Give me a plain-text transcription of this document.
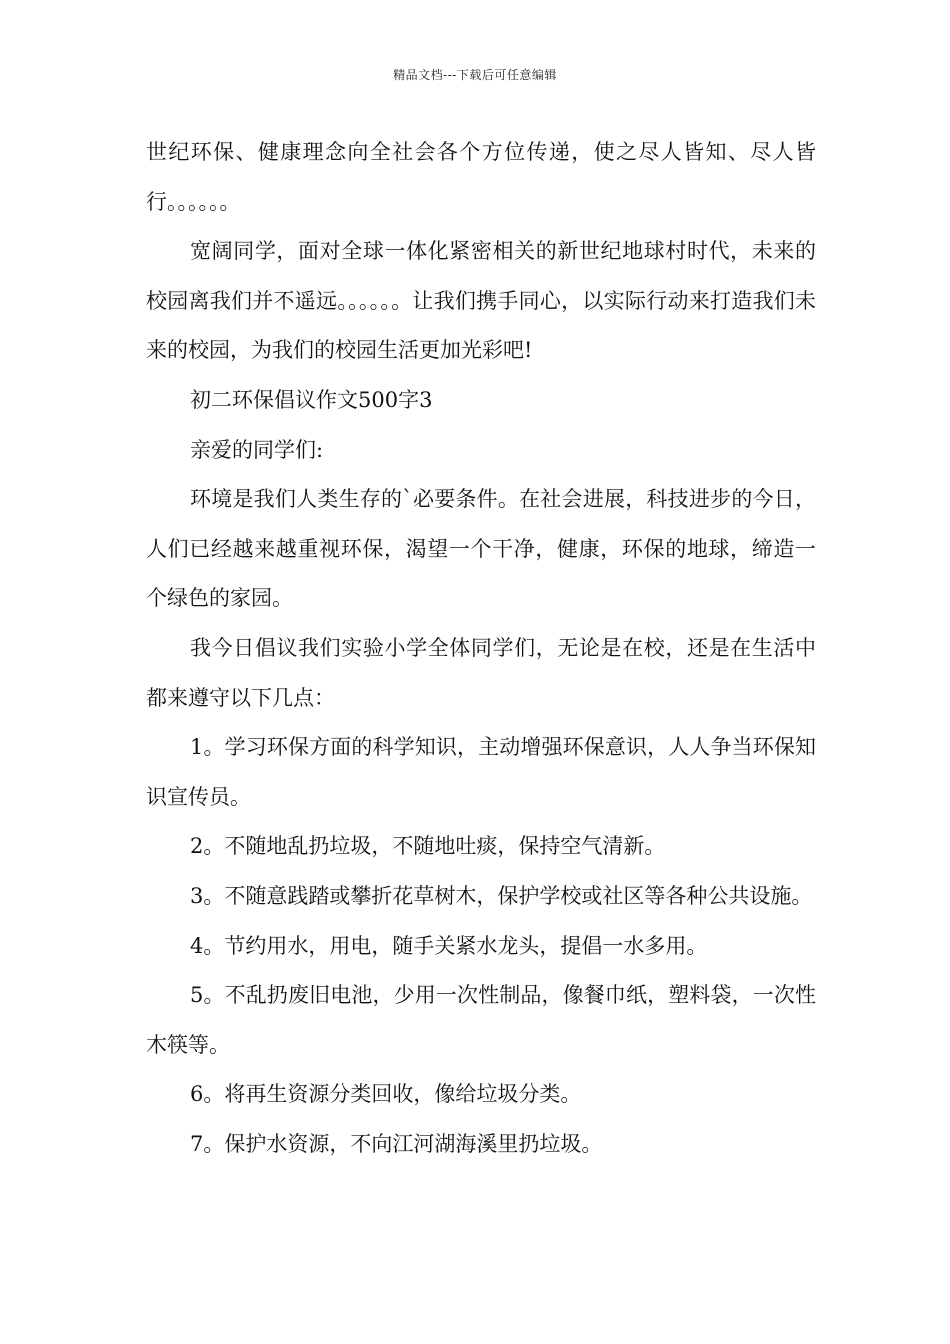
精品文档---下载后可任意编辑

世纪环保、健康理念向全社会各个方位传递，使之尽人皆知、尽人皆行。。。。。。

宽阔同学，面对全球一体化紧密相关的新世纪地球村时代，未来的校园离我们并不遥远。。。。。。让我们携手同心，以实际行动来打造我们未来的校园，为我们的校园生活更加光彩吧!

初二环保倡议作文500字3

亲爱的同学们:

环境是我们人类生存的`必要条件。在社会进展，科技进步的今日，人们已经越来越重视环保，渴望一个干净，健康，环保的地球，缔造一个绿色的家园。

我今日倡议我们实验小学全体同学们，无论是在校，还是在生活中都来遵守以下几点：

1。学习环保方面的科学知识，主动增强环保意识，人人争当环保知识宣传员。

2。不随地乱扔垃圾，不随地吐痰，保持空气清新。

3。不随意践踏或攀折花草树木，保护学校或社区等各种公共设施。

4。节约用水，用电，随手关紧水龙头，提倡一水多用。

5。不乱扔废旧电池，少用一次性制品，像餐巾纸，塑料袋，一次性木筷等。

6。将再生资源分类回收，像给垃圾分类。

7。保护水资源，不向江河湖海溪里扔垃圾。
